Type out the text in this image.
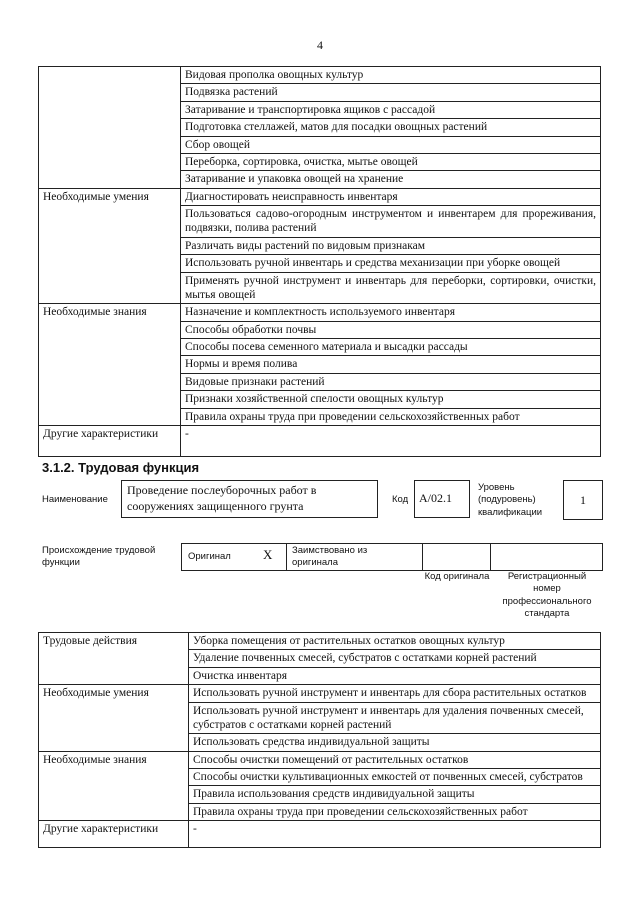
4
	Видовая прополка овощных культур
	Подвязка растений
	Затаривание и транспортировка ящиков с рассадой
	Подготовка стеллажей, матов для посадки овощных растений
	Сбор овощей
	Переборка, сортировка, очистка, мытье овощей
	Затаривание и упаковка овощей на хранение
Необходимые умения	Диагностировать неисправность инвентаря
	Пользоваться садово-огородным инструментом и инвентарем для прореживания, подвязки, полива растений
	Различать виды растений по видовым признакам
	Использовать ручной инвентарь и средства механизации при уборке овощей
	Применять ручной инструмент и инвентарь для переборки, сортировки, очистки, мытья овощей
Необходимые знания	Назначение и комплектность используемого инвентаря
	Способы обработки почвы
	Способы посева семенного материала и высадки рассады
	Нормы и время полива
	Видовые признаки растений
	Признаки хозяйственной спелости овощных культур
	Правила охраны труда при проведении сельскохозяйственных работ
Другие характеристики	-
3.1.2. Трудовая функция
Наименование
Проведение послеуборочных работ в сооружениях защищенного грунта	Код А/02.1
Уровень (подуровень) квалификации
1
Происхождение трудовой функции
Оригинал X Заимствовано из оригинала
Код оригинала	Регистрационный номер профессионального стандарта
Трудовые действия	Уборка помещения от растительных остатков овощных культур
	Удаление почвенных смесей, субстратов с остатками корней растений
	Очистка инвентаря
Необходимые умения	Использовать ручной инструмент и инвентарь для сбора растительных остатков
	Использовать ручной инструмент и инвентарь для удаления почвенных смесей, субстратов с остатками корней растений
	Использовать средства индивидуальной защиты
Необходимые знания	Способы очистки помещений от растительных остатков
	Способы очистки культивационных емкостей от почвенных смесей, субстратов
	Правила использования средств индивидуальной защиты
	Правила охраны труда при проведении сельскохозяйственных работ
Другие характеристики	-
